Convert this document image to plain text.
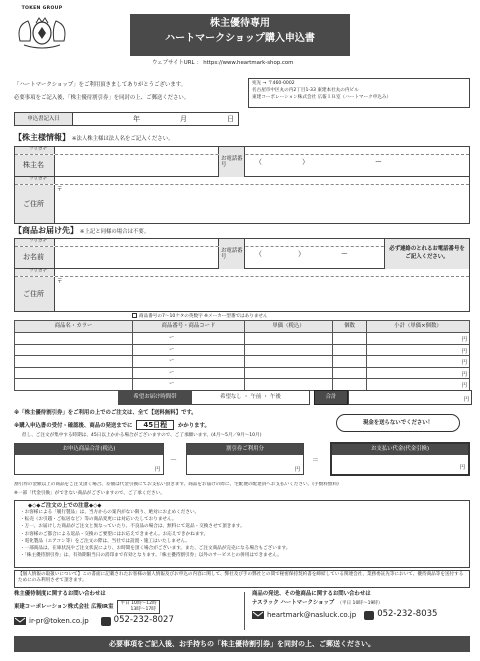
TOKEN GROUP
株主優待専用
ハートマークショップ購入申込書
ウェブサイトURL ： https://www.heartmark-shop.com
「ハートマークショップ」をご利用頂きましてありがとうございます。
必要事項をご記入後、「株主優待割引券」を同封の上、ご郵送ください。
宛先 → 〒460-0002
名古屋市中区丸の内2丁目1-33 東建本社丸の内ビル
東建コーポレーション株式会社 広報ＩＲ室（ハートマーク申込み）
申込書記入日	年	月	日
【株主様情報】 ※法人株主様は法人名をご記入ください。
フリガナ
株主名
お電話番号	（	）	ー
フリガナ
ご住所
〒
【商品お届け先】 ※上記と同様の場合は不要。
フリガナ
お名前
お電話番号	（	）	ー
必ず連絡のとれるお電話番号をご記入ください。
フリガナ
ご住所
〒
商品番号の7～10ケタの英数字 ※メーカー型番ではありません
商品名・カラー	商品番号・商品コード	単価（税込）	個数	小計（単価×個数）
ー	円
ー	円
ー	円
ー	円
ー	円
希望お届け時間帯	希望なし ・ 午前 ・ 午後	合計	円
※「株主優待割引券」をご利用の上でのご注文は、全て【送料無料】です。
※購入申込書の受付・確認後、商品の発送までに 45日程 かかります。
但し、ご注文が集中する時期は、45日以上かかる場合がございますので、ご了承願います。(4月～5月／9月～10月)
現金を送らないでください！
お申込商品合計(税込)
円
－
割引券ご利用分
円
＝
お支払い代金(代金引換)
円
割引券の金額以上の商品をご注文頂く場合、差額は代金引換にてお支払い頂きます。商品をお届けの際に、宅配便の配達員へお支払いください。(手数料無料)
※一部「代金引換」ができない商品がございますので、ご了承ください。
◆◇◆ご注文の上での注意◆◇◆
・お客様による「履行製品」は、当方からの案内がない限り、絶対にお止めください。
・転売（お引越・ご転居など）等の商品変更には対応いたしておりません。
・万一、お届けした商品がご注文と異なっていたり、不良品の場合は、無料にて返品・交換させて頂きます。
・お客様のご都合による返品・交換のご要望にはお応えできません。お応えできかねます。
・電化製品（エアコン等）をご注文の際は、当社では設置・施工はいたしません。
・一部商品は、在庫状況やご注文状況により、お時間を頂く場合がございます。また、ご注文商品が完売になる場合もございます。
・「株主優待割引券」は、有効期限当日の消印まで有効となります。「株主優待割引券」以外のサービスとの併用はできません。
【個人情報の取扱いについて】この書面に記載されたお客様の個人情報及びお申込の内容に関して、弊社及び手の弊社との間で秘密保持契約書を締結している関連会社、業務委託先等において、優待商品等を送付するためにのみ利用させて頂きます。
株主優待制度に関するお問い合わせは
東建コーポレーション株式会社 広報IR室
平日 10時～12時
13時～17時
ir-pr@token.co.jp	052-232-8027
商品の発送、その他商品に関するお問い合わせは
ナスラック ハートマークショップ （平日 10時～19時）
heartmark@nasluck.co.jp 052-232-8035
必要事項をご記入後、お手持ちの「株主優待割引券」を同封の上、ご郵送ください。
